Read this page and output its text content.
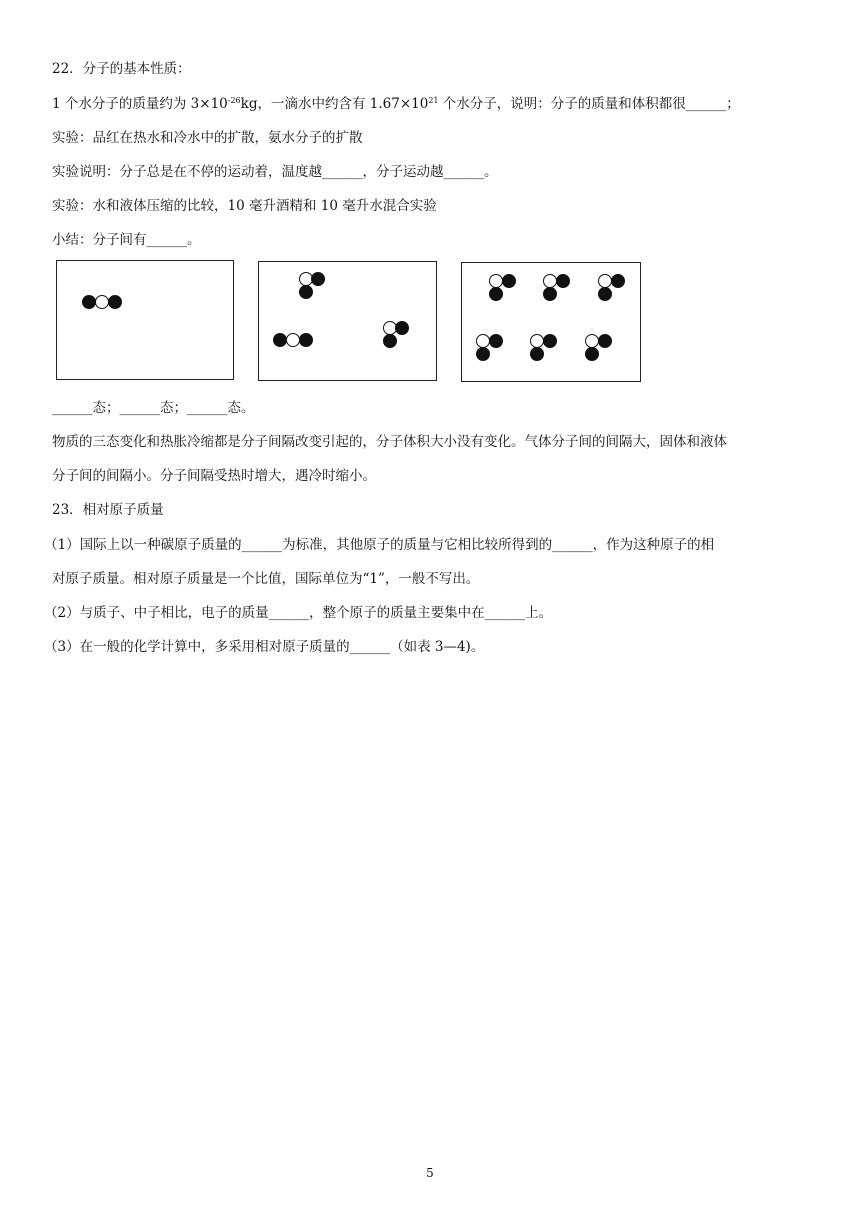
22．分子的基本性质：
1 个水分子的质量约为 $3\times 10^{-26}kg$，一滴水中约含有 $1.67\times 10^{21}$ 个水分子，说明：分子的质量和体积都很______；
实验：品红在热水和冷水中的扩散，氨水分子的扩散
实验说明：分子总是在不停的运动着，温度越______，分子运动越______。
实验：水和液体压缩的比较，10 毫升酒精和 10 毫升水混合实验
小结：分子间有______。
______态；______态；______态。
物质的三态变化和热胀冷缩都是分子间隔改变引起的，分子体积大小没有变化。气体分子间的间隔大，固体和液体
分子间的间隔小。分子间隔受热时增大，遇冷时缩小。
23．相对原子质量
（1）国际上以一种碳原子质量的______为标准，其他原子的质量与它相比较所得到的______，作为这种原子的相
对原子质量。相对原子质量是一个比值，国际单位为“1”，一般不写出。
（2）与质子、中子相比，电子的质量______，整个原子的质量主要集中在______上。
（3）在一般的化学计算中，多采用相对原子质量的______（如表 3—4)。
5
